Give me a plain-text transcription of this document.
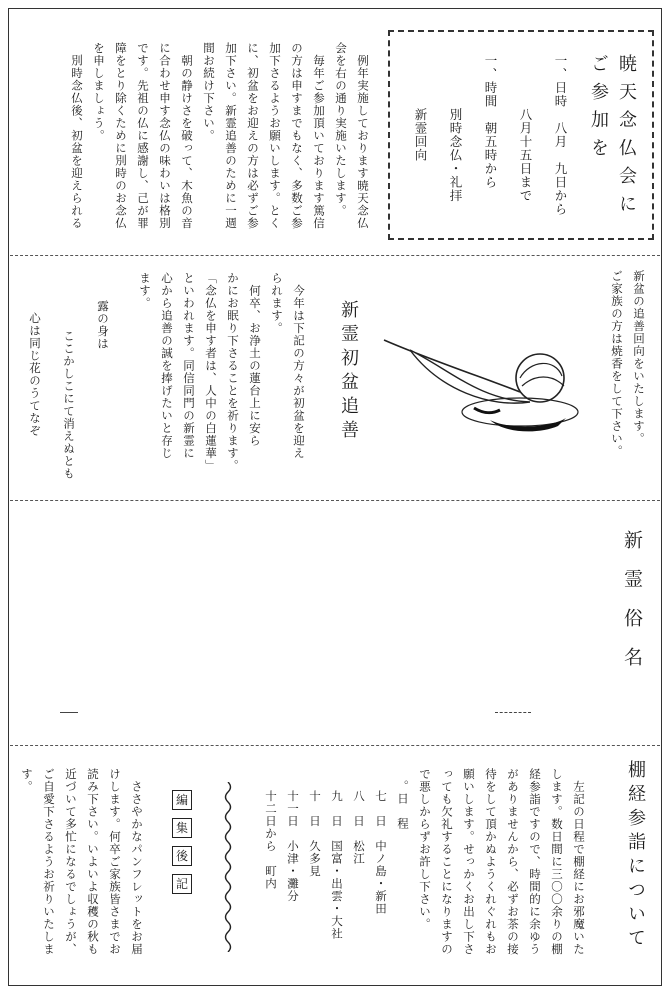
暁天念仏会に
ご参加を
一、日時　八月　九日から
　　　　八月十五日まで
一、時間　朝五時から
　　　　別時念仏・礼拝
　　　　新霊回向
　例年実施しております暁天念仏
会を右の通り実施いたします。
　毎年ご参加頂いております篤信
の方は申すまでもなく、多数ご参
加下さるようお願いします。とく
に、初盆をお迎えの方は必ずご参
加下さい。新霊追善のために一週
間お続け下さい。
　朝の静けさを破って、木魚の音
に合わせ申す念仏の味わいは格別
です。先祖の仏に感謝し、己が罪
障をとり除くために別時のお念仏
を申しましょう。
　別時念仏後、初盆を迎えられる
新盆の追善回向をいたします。
ご家族の方は焼香をして下さい。
新霊初盆追善
　今年は下記の方々が初盆を迎え
られます。
　何卒、お浄土の蓮台上に安ら
かにお眠り下さることを祈ります。
「念仏を申す者は、人中の白蓮華」
といわれます。同信同門の新霊に
心から追善の誠を捧げたいと存じ
ます。
露の身は
ここかしこにて消えぬとも
心は同じ花のうてなぞ
新霊俗名
棚経参詣について
　左記の日程で棚経にお邪魔いた
します。数日間に三〇〇余りの棚
経参詣ですので、時間的に余ゆう
がありませんから、必ずお茶の接
待をして頂かぬようくれぐれもお
願いします。せっかくお出し下さ
っても欠礼することになりますの
で悪しからずお許し下さい。
。日　程
七　日　中ノ島・新田
八　日　松江
九　日　国富・出雲・大社
十　日　久多見
十一日　小津・灘分
十二日から　町内
編
集
後
記
　ささやかなパンフレットをお届
けします。何卒ご家族皆さまでお
読み下さい。いよいよ収穫の秋も
近づいて多忙になるでしょうが、
ご自愛下さるようお祈りいたしま
す。
